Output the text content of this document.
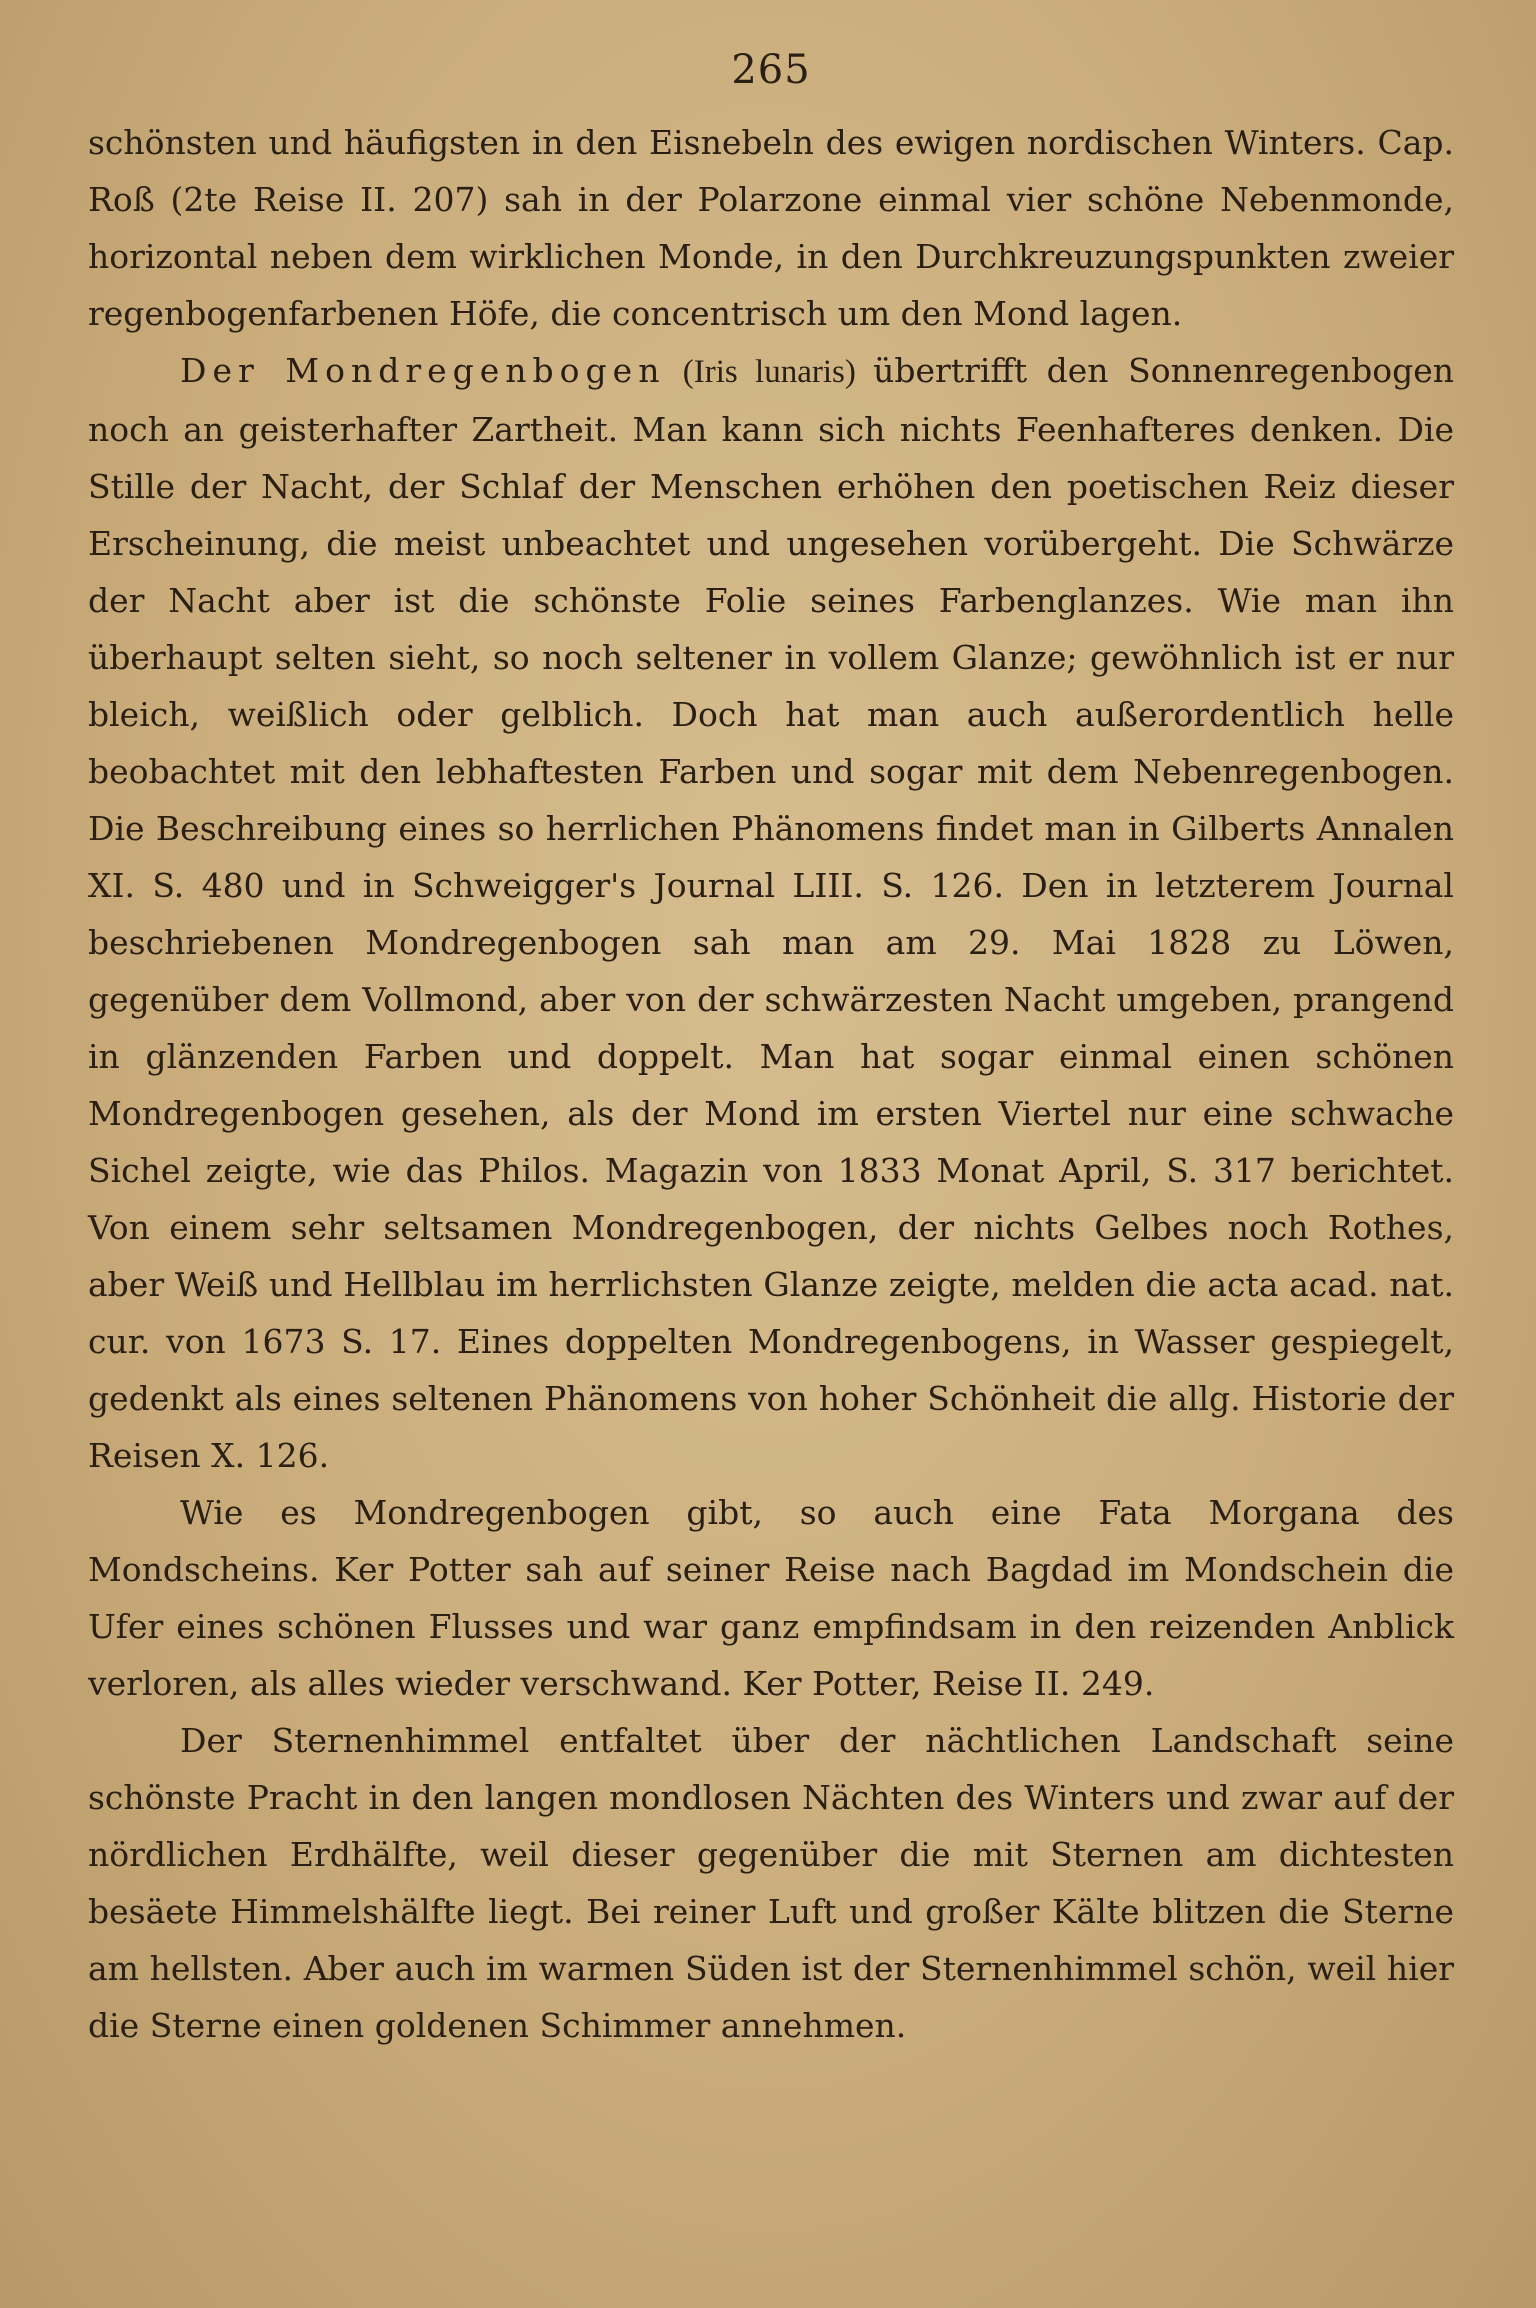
265

schönsten und häufigsten in den Eisnebeln des ewigen nordischen Winters. Cap. Roß (2te Reise II. 207) sah in der Polarzone einmal vier schöne Nebenmonde, horizontal neben dem wirklichen Monde, in den Durchkreuzungspunkten zweier regenbogenfarbenen Höfe, die concentrisch um den Mond lagen.

Der Mondregenbogen (Iris lunaris) übertrifft den Sonnenregenbogen noch an geisterhafter Zartheit. Man kann sich nichts Feenhafteres denken. Die Stille der Nacht, der Schlaf der Menschen erhöhen den poetischen Reiz dieser Erscheinung, die meist unbeachtet und ungesehen vorübergeht. Die Schwärze der Nacht aber ist die schönste Folie seines Farbenglanzes. Wie man ihn überhaupt selten sieht, so noch seltener in vollem Glanze; gewöhnlich ist er nur bleich, weißlich oder gelblich. Doch hat man auch außerordentlich helle beobachtet mit den lebhaftesten Farben und sogar mit dem Nebenregenbogen. Die Beschreibung eines so herrlichen Phänomens findet man in Gilberts Annalen XI. S. 480 und in Schweigger's Journal LIII. S. 126. Den in letzterem Journal beschriebenen Mondregenbogen sah man am 29. Mai 1828 zu Löwen, gegenüber dem Vollmond, aber von der schwärzesten Nacht umgeben, prangend in glänzenden Farben und doppelt. Man hat sogar einmal einen schönen Mondregenbogen gesehen, als der Mond im ersten Viertel nur eine schwache Sichel zeigte, wie das Philos. Magazin von 1833 Monat April, S. 317 berichtet. Von einem sehr seltsamen Mondregenbogen, der nichts Gelbes noch Rothes, aber Weiß und Hellblau im herrlichsten Glanze zeigte, melden die acta acad. nat. cur. von 1673 S. 17. Eines doppelten Mondregenbogens, in Wasser gespiegelt, gedenkt als eines seltenen Phänomens von hoher Schönheit die allg. Historie der Reisen X. 126.

Wie es Mondregenbogen gibt, so auch eine Fata Morgana des Mondscheins. Ker Potter sah auf seiner Reise nach Bagdad im Mondschein die Ufer eines schönen Flusses und war ganz empfindsam in den reizenden Anblick verloren, als alles wieder verschwand. Ker Potter, Reise II. 249.

Der Sternenhimmel entfaltet über der nächtlichen Landschaft seine schönste Pracht in den langen mondlosen Nächten des Winters und zwar auf der nördlichen Erdhälfte, weil dieser gegenüber die mit Sternen am dichtesten besäete Himmelshälfte liegt. Bei reiner Luft und großer Kälte blitzen die Sterne am hellsten. Aber auch im warmen Süden ist der Sternenhimmel schön, weil hier die Sterne einen goldenen Schimmer annehmen.
